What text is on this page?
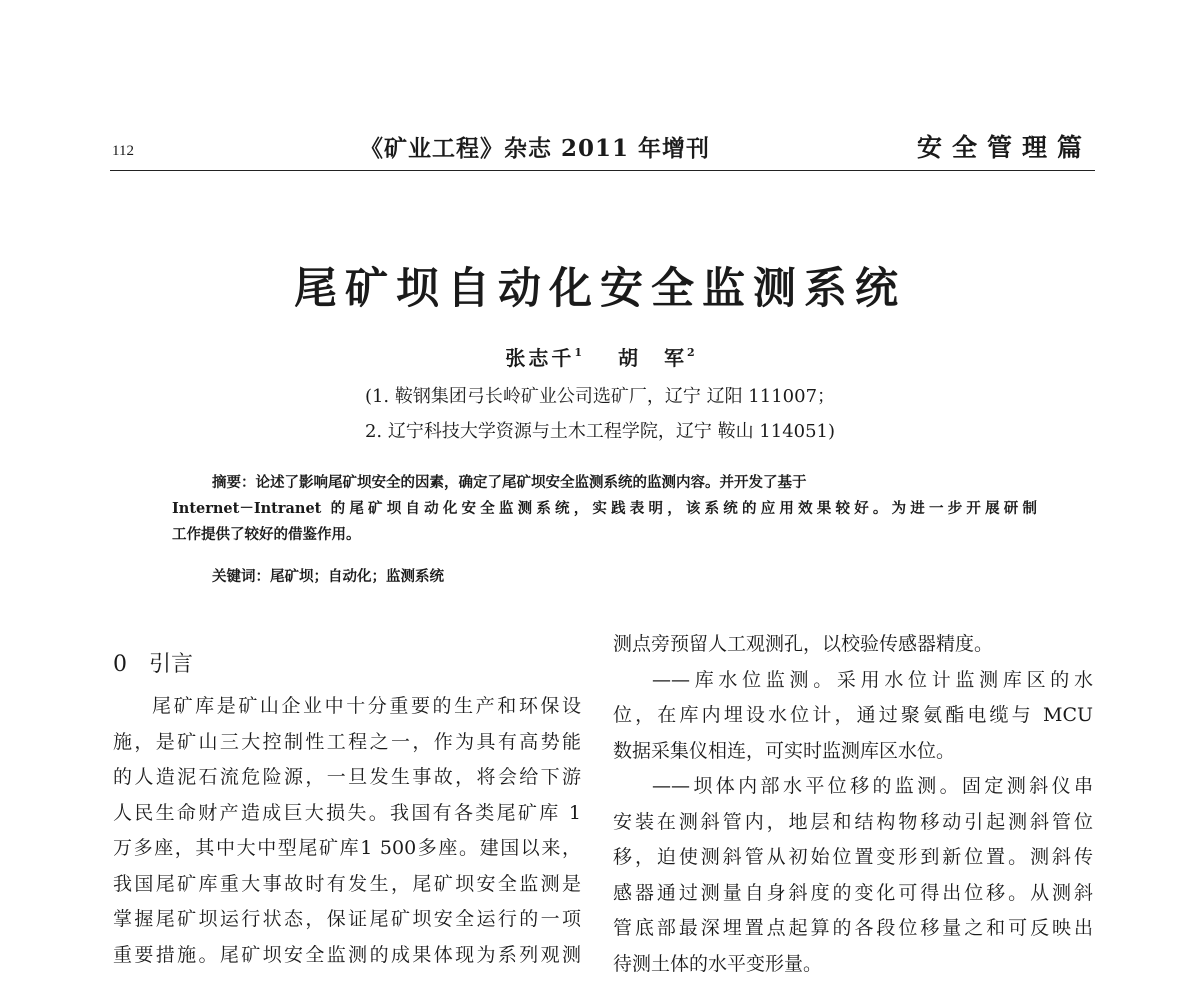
112	《矿业工程》杂志 2011 年增刊	安全管理篇
尾矿坝自动化安全监测系统
张志千$^1$ 胡　军$^2$
(1. 鞍钢集团弓长岭矿业公司选矿厂，辽宁 辽阳 111007；
2. 辽宁科技大学资源与土木工程学院，辽宁 鞍山 114051)

摘要：论述了影响尾矿坝安全的因素，确定了尾矿坝安全监测系统的监测内容。并开发了基于

Internet－Intranet 的尾矿坝自动化安全监测系统，实践表明，该系统的应用效果较好。为进一步开展研制

工作提供了较好的借鉴作用。

关键词：尾矿坝；自动化；监测系统
0 引言

尾矿库是矿山企业中十分重要的生产和环保设

施，是矿山三大控制性工程之一，作为具有高势能

的人造泥石流危险源，一旦发生事故，将会给下游

人民生命财产造成巨大损失。我国有各类尾矿库 1

万多座，其中大中型尾矿库1 500多座。建国以来，

我国尾矿库重大事故时有发生，尾矿坝安全监测是

掌握尾矿坝运行状态，保证尾矿坝安全运行的一项

重要措施。尾矿坝安全监测的成果体现为系列观测

测点旁预留人工观测孔，以校验传感器精度。

——库水位监测。采用水位计监测库区的水

位，在库内埋设水位计，通过聚氨酯电缆与 MCU

数据采集仪相连，可实时监测库区水位。

——坝体内部水平位移的监测。固定测斜仪串

安装在测斜管内，地层和结构物移动引起测斜管位

移，迫使测斜管从初始位置变形到新位置。测斜传

感器通过测量自身斜度的变化可得出位移。从测斜

管底部最深埋置点起算的各段位移量之和可反映出

待测土体的水平变形量。
